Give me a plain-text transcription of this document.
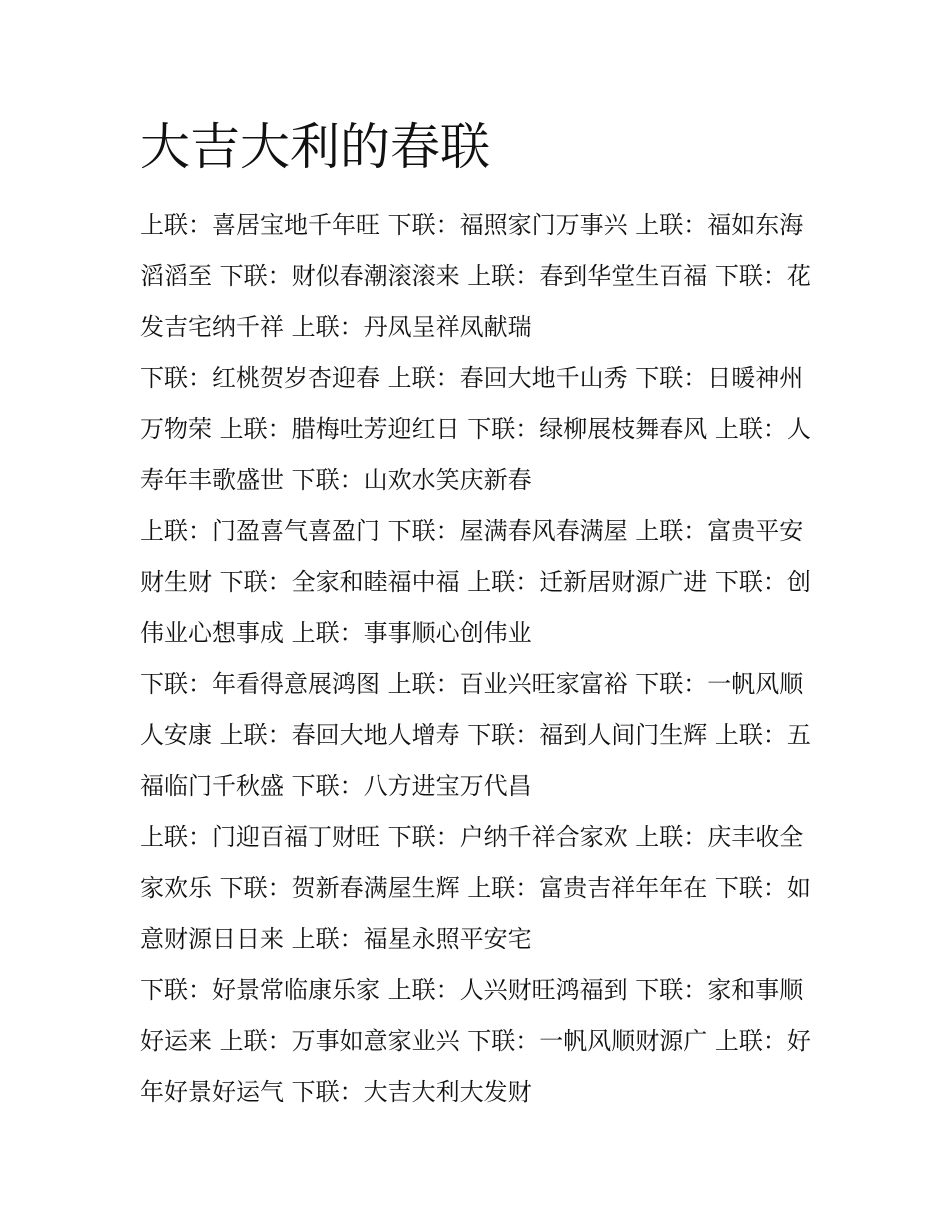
大吉大利的春联

上联：喜居宝地千年旺 下联：福照家门万事兴 上联：福如东海滔滔至 下联：财似春潮滚滚来 上联：春到华堂生百福 下联：花发吉宅纳千祥 上联：丹凤呈祥凤献瑞

下联：红桃贺岁杏迎春 上联：春回大地千山秀 下联：日暖神州万物荣 上联：腊梅吐芳迎红日 下联：绿柳展枝舞春风 上联：人寿年丰歌盛世 下联：山欢水笑庆新春

上联：门盈喜气喜盈门 下联：屋满春风春满屋 上联：富贵平安财生财 下联：全家和睦福中福 上联：迁新居财源广进 下联：创伟业心想事成 上联：事事顺心创伟业

下联：年看得意展鸿图 上联：百业兴旺家富裕 下联：一帆风顺人安康 上联：春回大地人增寿 下联：福到人间门生辉 上联：五福临门千秋盛 下联：八方进宝万代昌

上联：门迎百福丁财旺 下联：户纳千祥合家欢 上联：庆丰收全家欢乐 下联：贺新春满屋生辉 上联：富贵吉祥年年在 下联：如意财源日日来 上联：福星永照平安宅

下联：好景常临康乐家 上联：人兴财旺鸿福到 下联：家和事顺好运来 上联：万事如意家业兴 下联：一帆风顺财源广 上联：好年好景好运气 下联：大吉大利大发财
